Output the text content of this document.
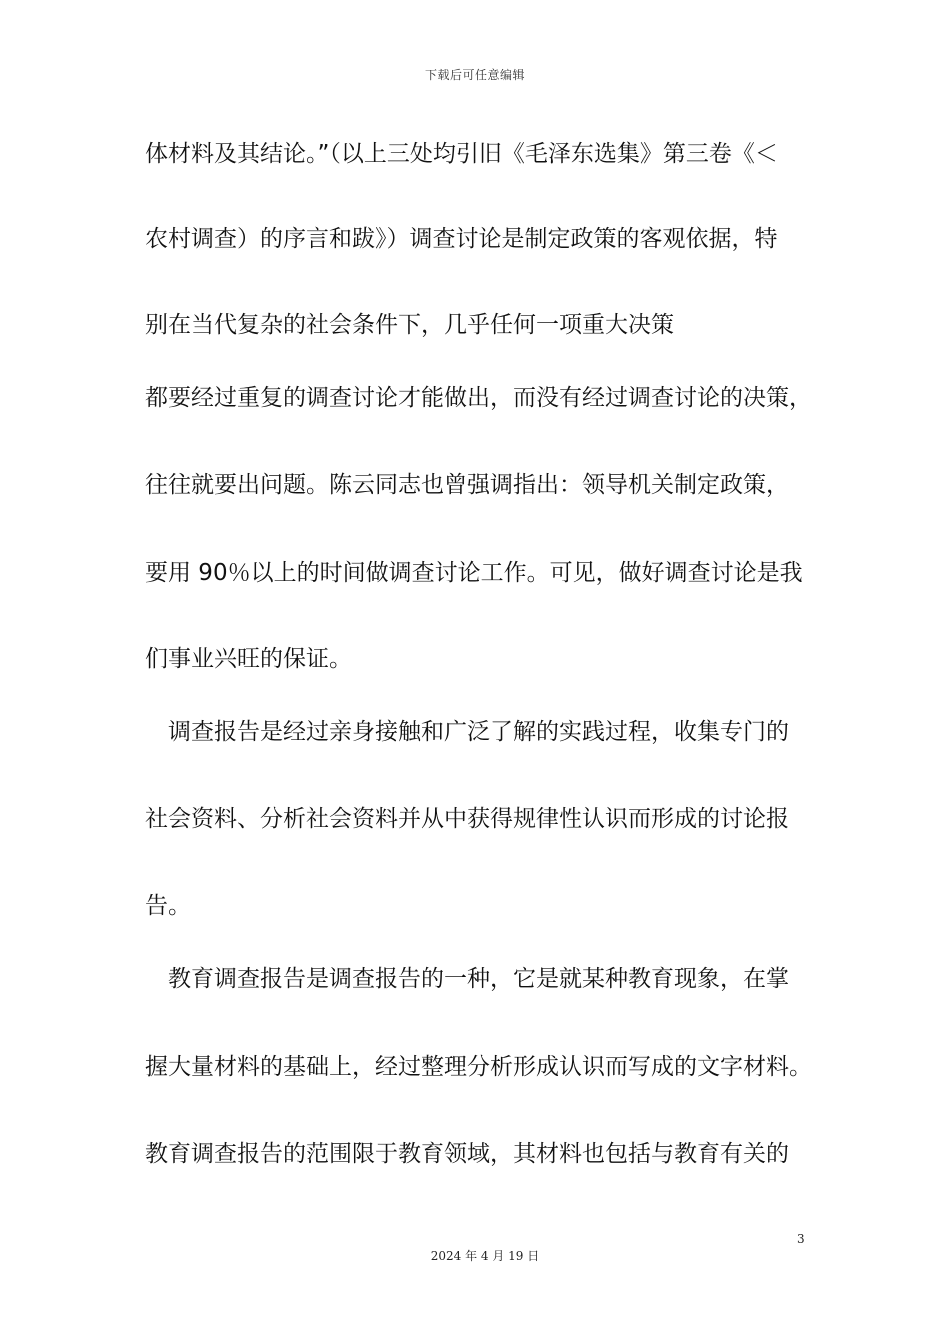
下载后可任意编辑
体材料及其结论。”（以上三处均引旧《毛泽东选集》第三卷《＜
农村调查）的序言和跋》）调查讨论是制定政策的客观依据，特
别在当代复杂的社会条件下，几乎任何一项重大决策
都要经过重复的调查讨论才能做出，而没有经过调查讨论的决策，
往往就要出问题。陈云同志也曾强调指出：领导机关制定政策，
要用 90％以上的时间做调查讨论工作。可见，做好调查讨论是我
们事业兴旺的保证。
调查报告是经过亲身接触和广泛了解的实践过程，收集专门的
社会资料、分析社会资料并从中获得规律性认识而形成的讨论报
告。
教育调查报告是调查报告的一种，它是就某种教育现象，在掌
握大量材料的基础上，经过整理分析形成认识而写成的文字材料。
教育调查报告的范围限于教育领域，其材料也包括与教育有关的
3
2024 年 4 月 19 日
